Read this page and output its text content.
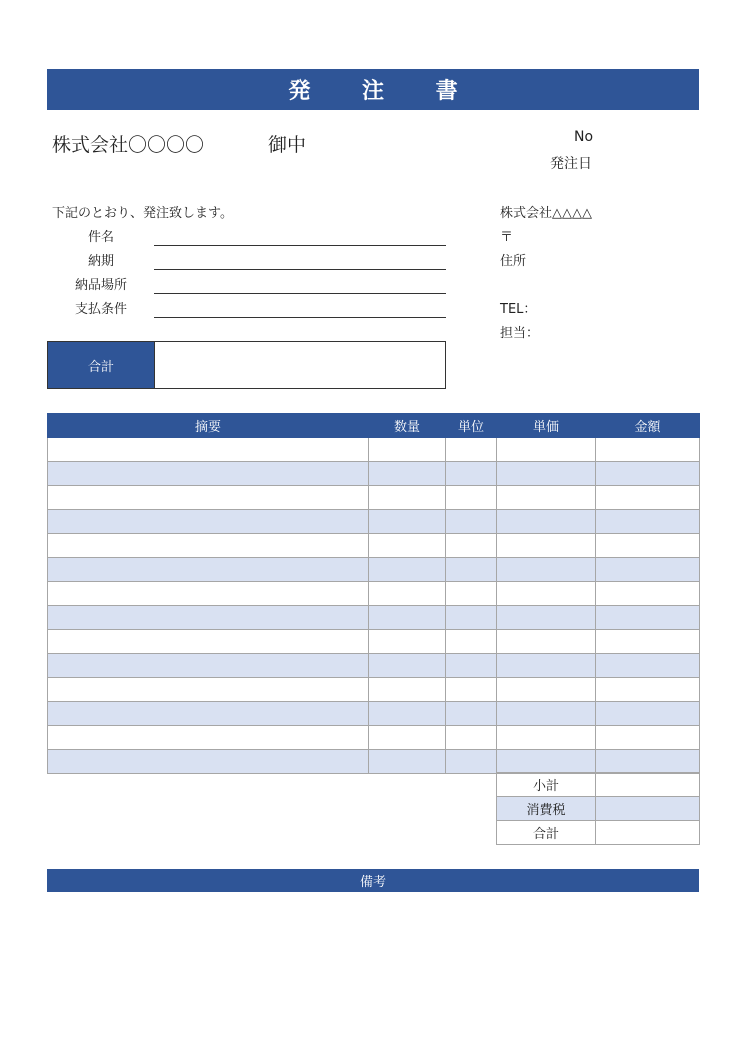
発 注 書
株式会社〇〇〇〇	御中	No
発注日
下記のとおり、発注致します。
件名
納期
納品場所
支払条件
株式会社△△△△
〒
住所
TEL：
担当：
合計
摘要	数量	単位	単価	金額

小計	
消費税	
合計	
備考
